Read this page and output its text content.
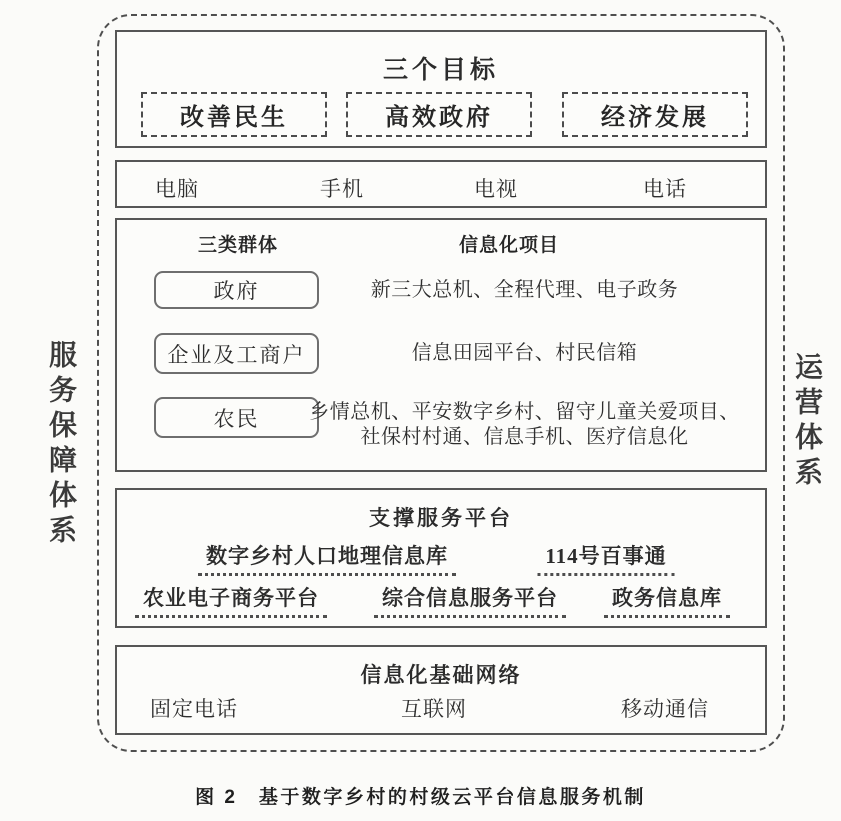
服务保障体系	运营体系
三个目标
改善民生	高效政府	经济发展
电脑	手机	电视	电话
三类群体	信息化项目
政府	新三大总机、全程代理、电子政务
企业及工商户	信息田园平台、村民信箱
农民	乡情总机、平安数字乡村、留守儿童关爱项目、
社保村村通、信息手机、医疗信息化
支撑服务平台
数字乡村人口地理信息库	114号百事通
农业电子商务平台	综合信息服务平台	政务信息库
信息化基础网络
固定电话	互联网	移动通信
图 2　基于数字乡村的村级云平台信息服务机制
